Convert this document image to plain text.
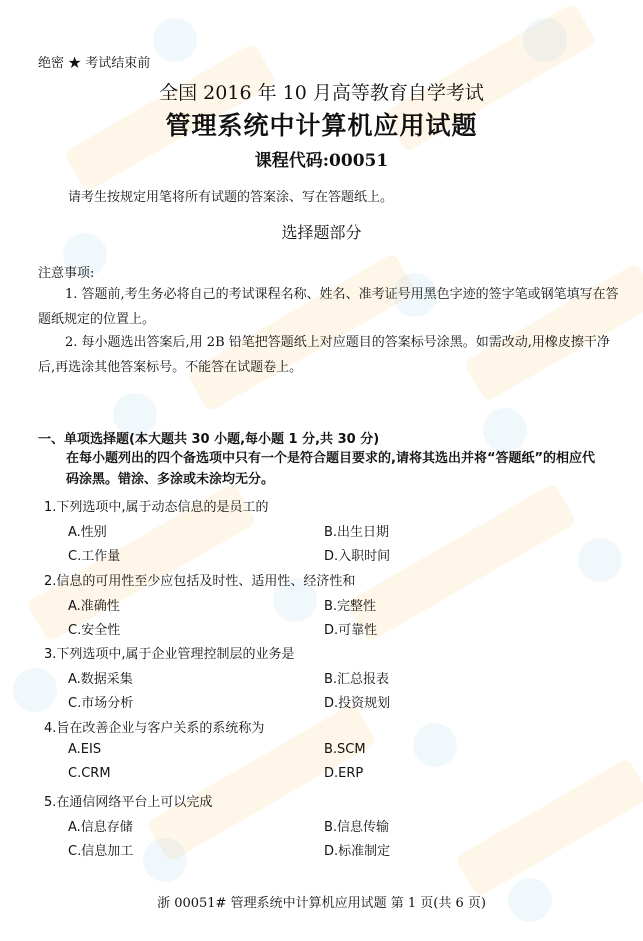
绝密 ★ 考试结束前
全国 2016 年 10 月高等教育自学考试
管理系统中计算机应用试题
课程代码:00051
请考生按规定用笔将所有试题的答案涂、写在答题纸上。
选择题部分
注意事项:
1. 答题前,考生务必将自己的考试课程名称、姓名、准考证号用黑色字迹的签字笔或钢笔填写在答题纸规定的位置上。
2. 每小题选出答案后,用 2B 铅笔把答题纸上对应题目的答案标号涂黑。如需改动,用橡皮擦干净后,再选涂其他答案标号。不能答在试题卷上。
一、单项选择题(本大题共 30 小题,每小题 1 分,共 30 分)
在每小题列出的四个备选项中只有一个是符合题目要求的,请将其选出并将“答题纸”的相应代码涂黑。错涂、多涂或未涂均无分。
1.下列选项中,属于动态信息的是员工的
A.性别	B.出生日期
C.工作量	D.入职时间
2.信息的可用性至少应包括及时性、适用性、经济性和
A.准确性	B.完整性
C.安全性	D.可靠性
3.下列选项中,属于企业管理控制层的业务是
A.数据采集	B.汇总报表
C.市场分析	D.投资规划
4.旨在改善企业与客户关系的系统称为
A.EIS	B.SCM
C.CRM	D.ERP
5.在通信网络平台上可以完成
A.信息存储	B.信息传输
C.信息加工	D.标准制定
浙 00051# 管理系统中计算机应用试题 第 1 页(共 6 页)
